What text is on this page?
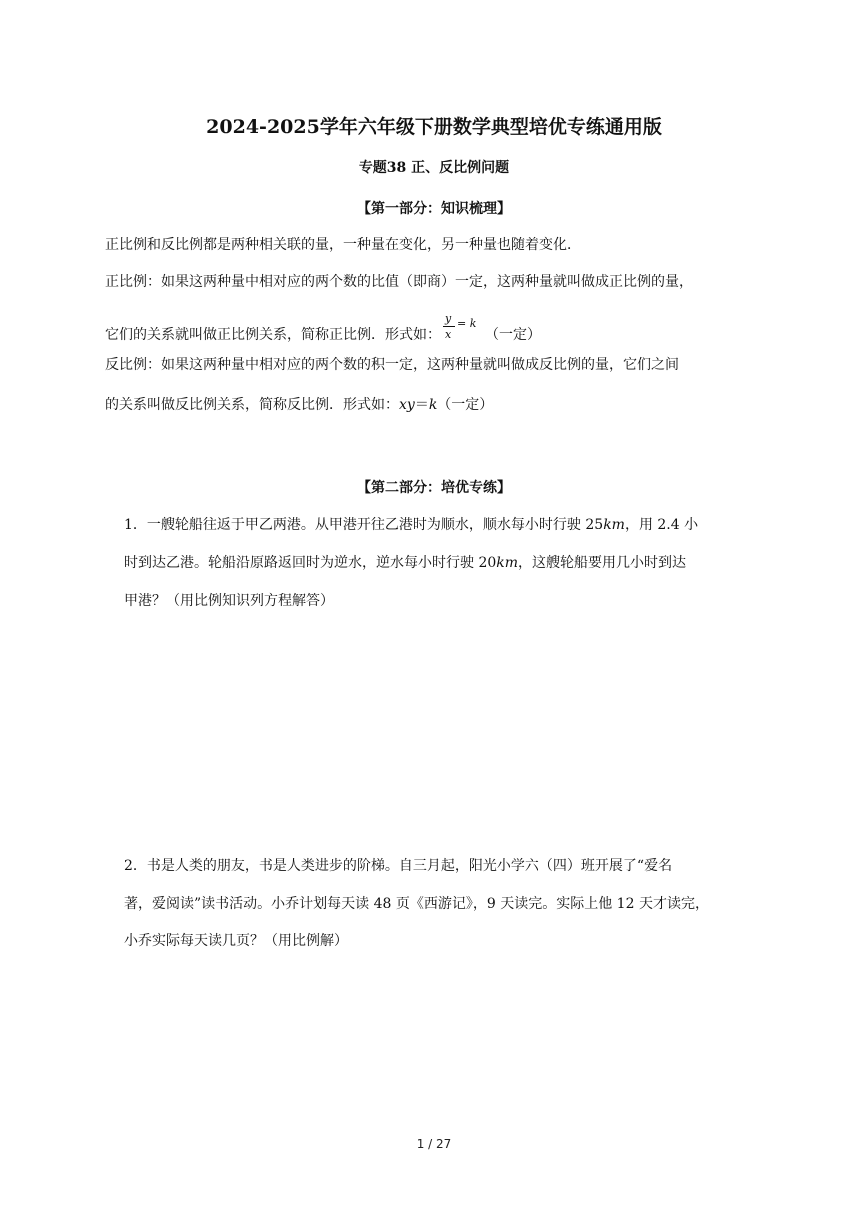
2024-2025学年六年级下册数学典型培优专练通用版
专题38 正、反比例问题
【第一部分：知识梳理】
正比例和反比例都是两种相关联的量，一种量在变化，另一种量也随着变化．
正比例：如果这两种量中相对应的两个数的比值（即商）一定，这两种量就叫做成正比例的量，
它们的关系就叫做正比例关系，简称正比例．形式如：
y
x
= k
（一定）
反比例：如果这两种量中相对应的两个数的积一定，这两种量就叫做成反比例的量，它们之间
的关系叫做反比例关系，简称反比例．形式如：xy＝k（一定）
【第二部分：培优专练】
1．一艘轮船往返于甲乙两港。从甲港开往乙港时为顺水，顺水每小时行驶 25km，用 2.4 小
时到达乙港。轮船沿原路返回时为逆水，逆水每小时行驶 20km，这艘轮船要用几小时到达
甲港？（用比例知识列方程解答）
2．书是人类的朋友，书是人类进步的阶梯。自三月起，阳光小学六（四）班开展了“爱名
著，爱阅读”读书活动。小乔计划每天读 48 页《西游记》，9 天读完。实际上他 12 天才读完，
小乔实际每天读几页？（用比例解）
1 / 27
